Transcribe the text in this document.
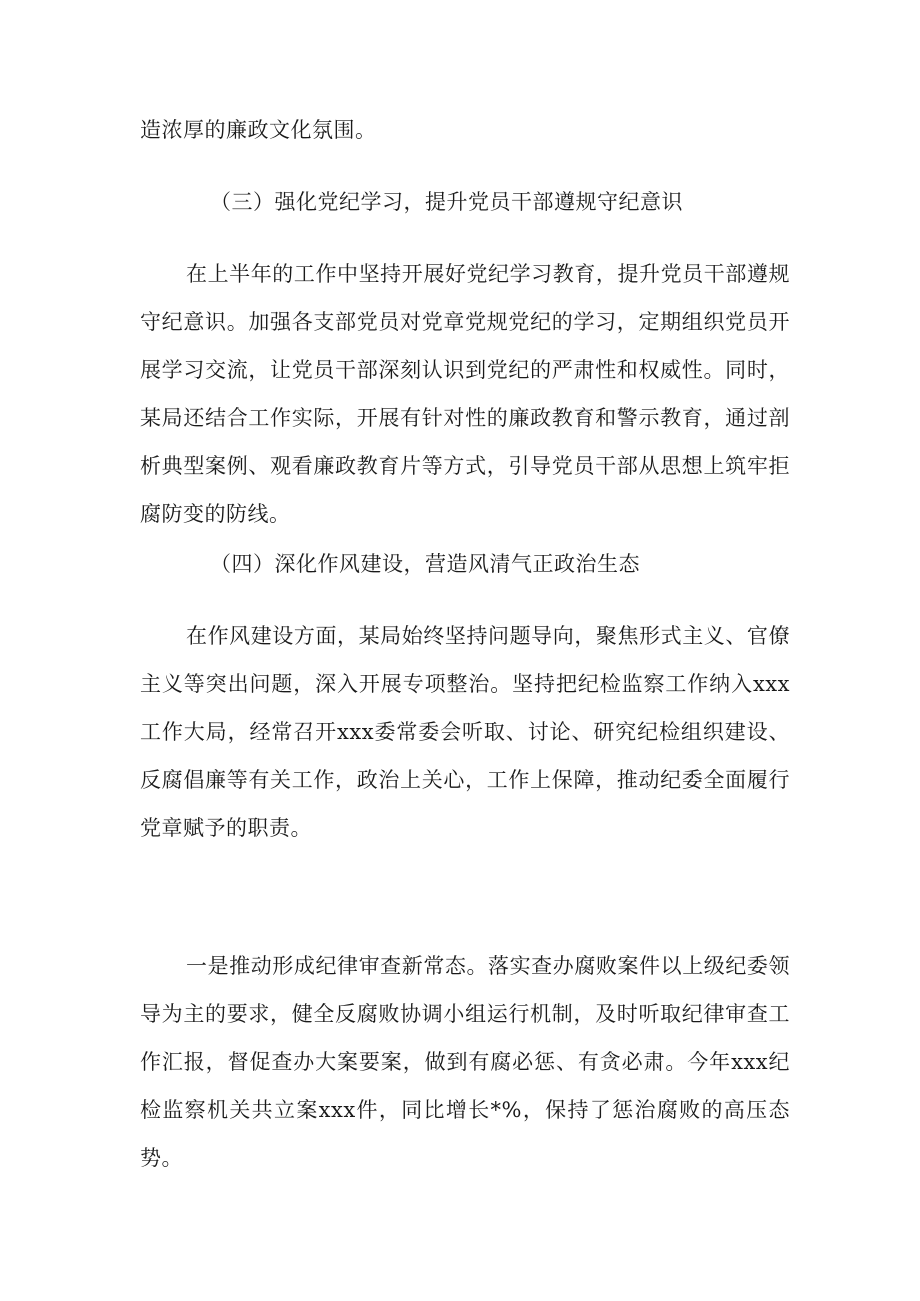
造浓厚的廉政文化氛围。

（三）强化党纪学习，提升党员干部遵规守纪意识

在上半年的工作中坚持开展好党纪学习教育，提升党员干部遵规守纪意识。加强各支部党员对党章党规党纪的学习，定期组织党员开展学习交流，让党员干部深刻认识到党纪的严肃性和权威性。同时，某局还结合工作实际，开展有针对性的廉政教育和警示教育，通过剖析典型案例、观看廉政教育片等方式，引导党员干部从思想上筑牢拒腐防变的防线。

（四）深化作风建设，营造风清气正政治生态

在作风建设方面，某局始终坚持问题导向，聚焦形式主义、官僚主义等突出问题，深入开展专项整治。坚持把纪检监察工作纳入xxx工作大局，经常召开xxx委常委会听取、讨论、研究纪检组织建设、反腐倡廉等有关工作，政治上关心，工作上保障，推动纪委全面履行党章赋予的职责。

一是推动形成纪律审查新常态。落实查办腐败案件以上级纪委领导为主的要求，健全反腐败协调小组运行机制，及时听取纪律审查工作汇报，督促查办大案要案，做到有腐必惩、有贪必肃。今年xxx纪检监察机关共立案xxx件，同比增长*%，保持了惩治腐败的高压态势。
